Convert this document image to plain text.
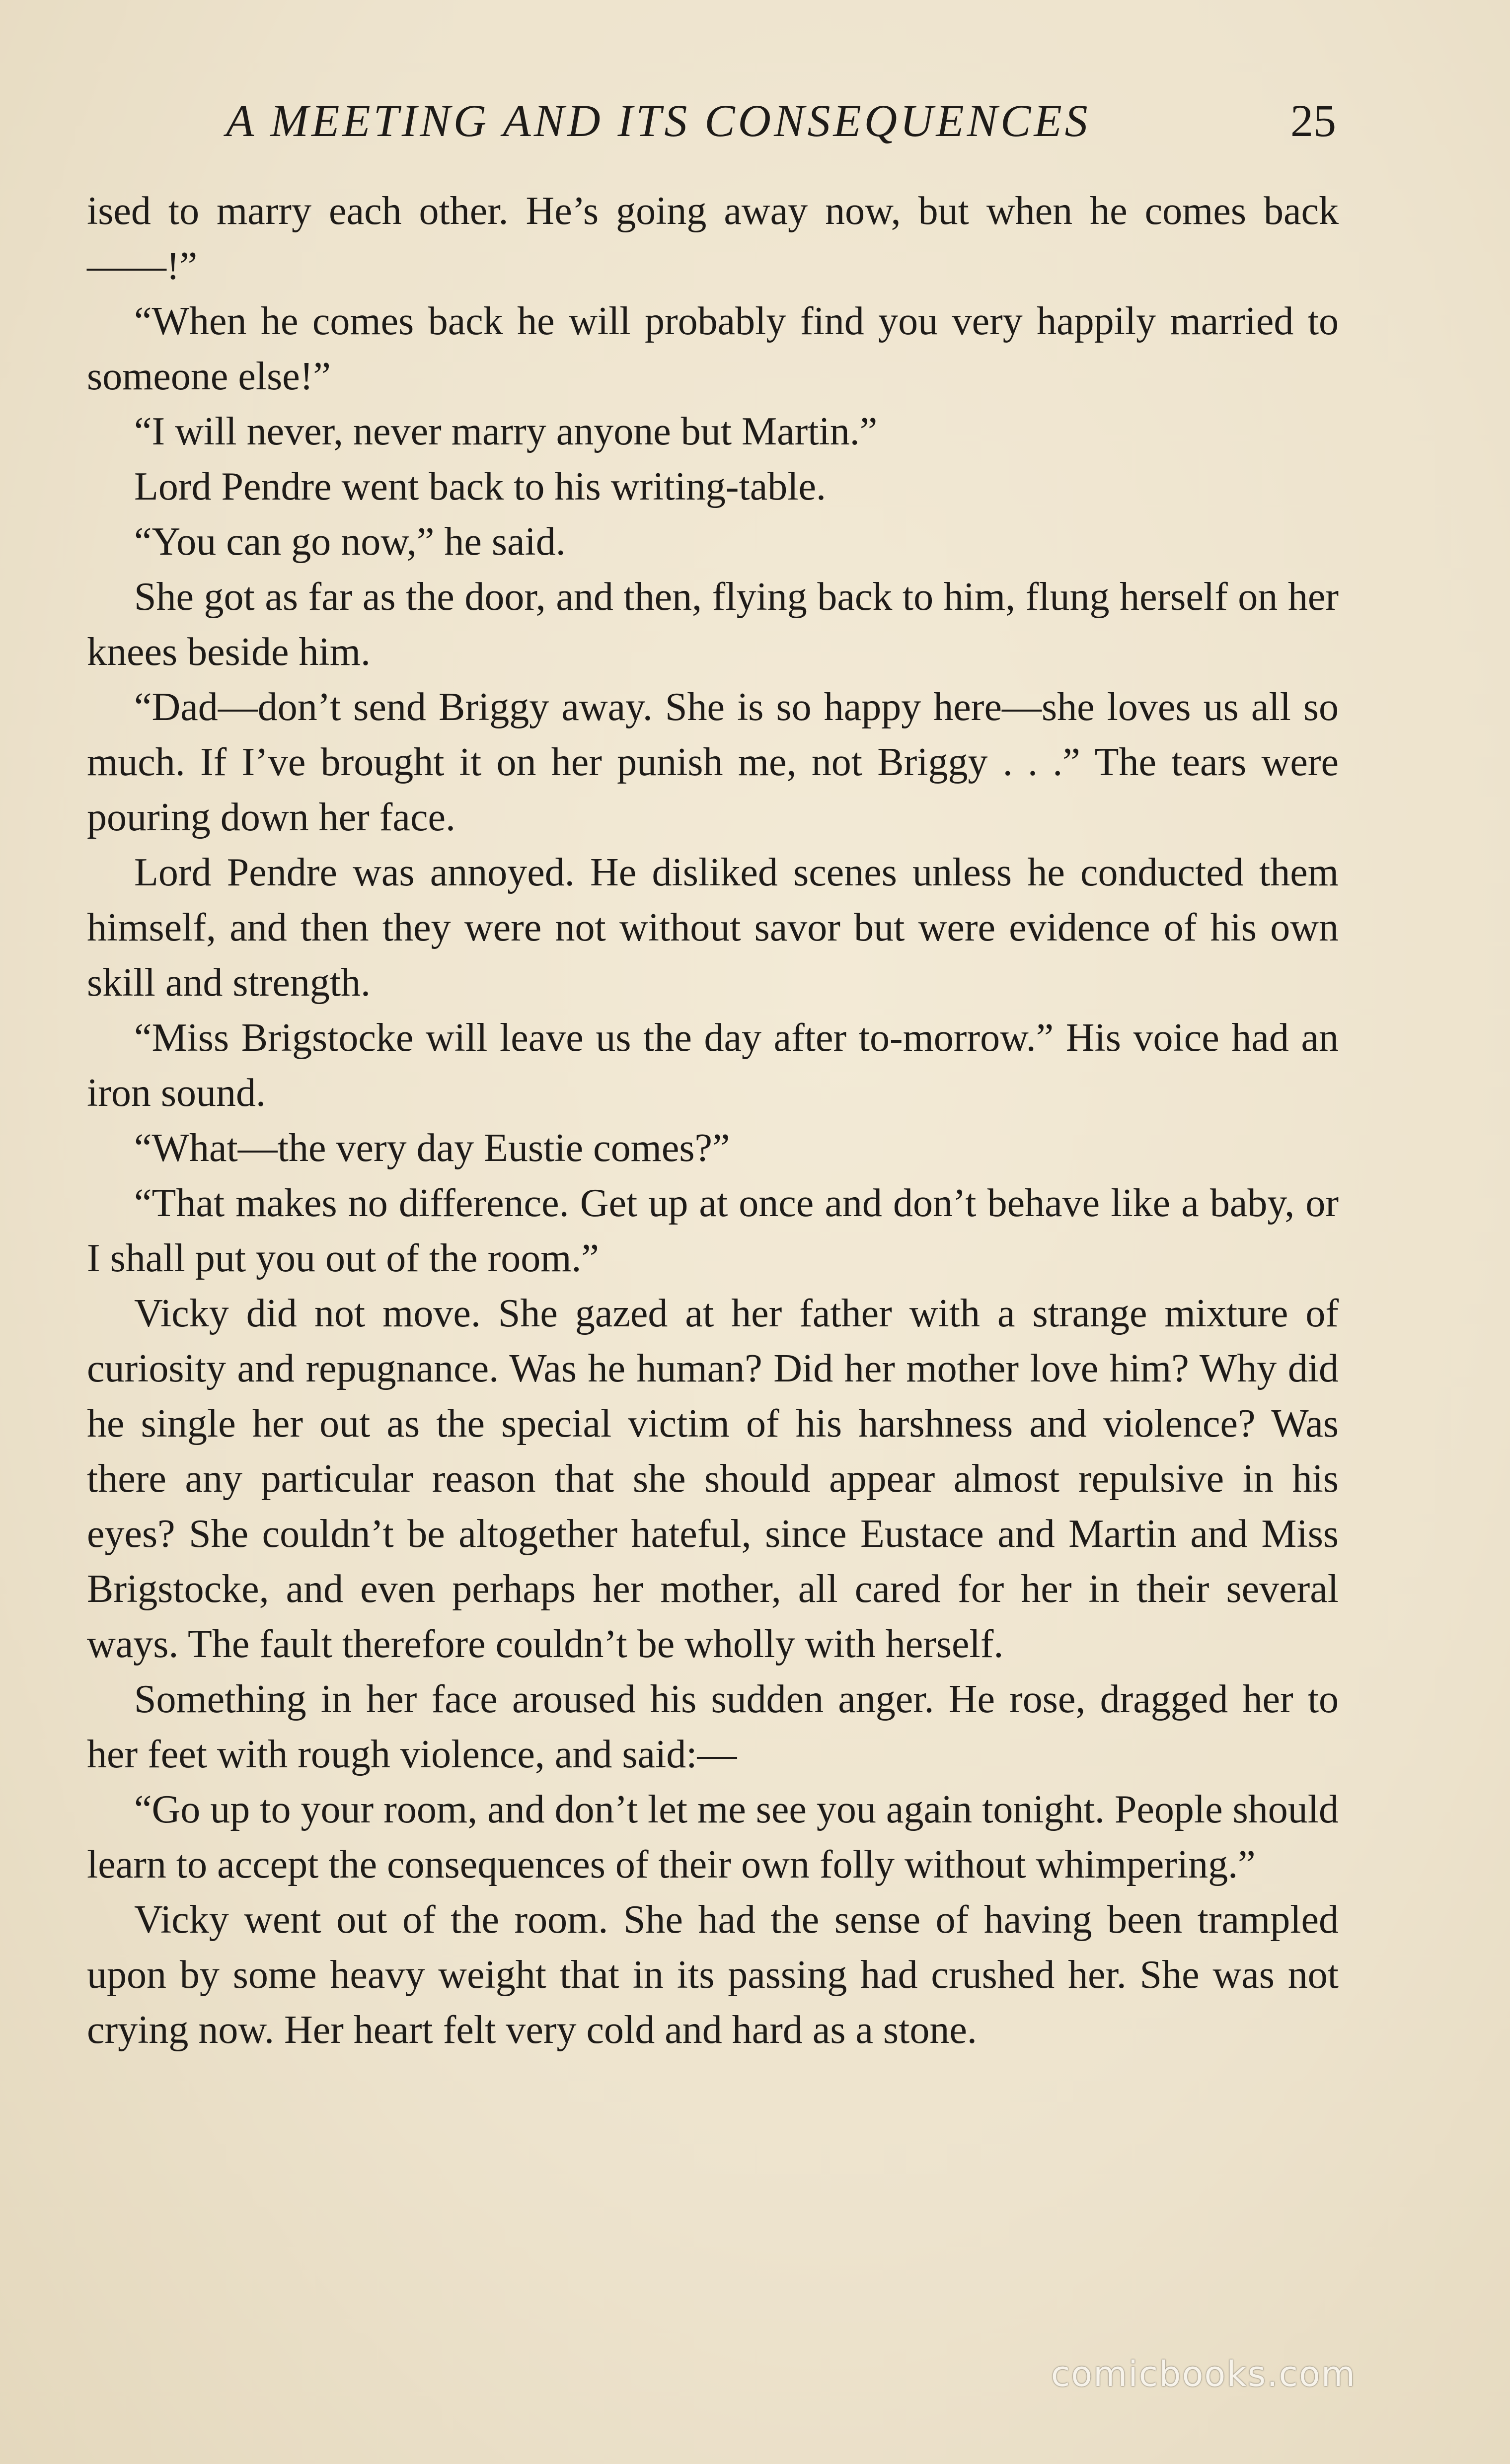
A MEETING AND ITS CONSEQUENCES	25

ised to marry each other. He’s going away now, but when he comes back——!”

“When he comes back he will probably find you very happily married to someone else!”

“I will never, never marry anyone but Martin.”

Lord Pendre went back to his writing-table.

“You can go now,” he said.

She got as far as the door, and then, flying back to him, flung herself on her knees beside him.

“Dad—don’t send Briggy away. She is so happy here—she loves us all so much. If I’ve brought it on her punish me, not Briggy . . .” The tears were pouring down her face.

Lord Pendre was annoyed. He disliked scenes unless he conducted them himself, and then they were not without savor but were evidence of his own skill and strength.

“Miss Brigstocke will leave us the day after to-morrow.” His voice had an iron sound.

“What—the very day Eustie comes?”

“That makes no difference. Get up at once and don’t behave like a baby, or I shall put you out of the room.”

Vicky did not move. She gazed at her father with a strange mixture of curiosity and repugnance. Was he human? Did her mother love him? Why did he single her out as the special victim of his harshness and violence? Was there any particular reason that she should appear almost repulsive in his eyes? She couldn’t be altogether hateful, since Eustace and Martin and Miss Brigstocke, and even perhaps her mother, all cared for her in their several ways. The fault therefore couldn’t be wholly with herself.

Something in her face aroused his sudden anger. He rose, dragged her to her feet with rough violence, and said:—

“Go up to your room, and don’t let me see you again tonight. People should learn to accept the consequences of their own folly without whimpering.”

Vicky went out of the room. She had the sense of having been trampled upon by some heavy weight that in its passing had crushed her. She was not crying now. Her heart felt very cold and hard as a stone.

comicbooks.com
